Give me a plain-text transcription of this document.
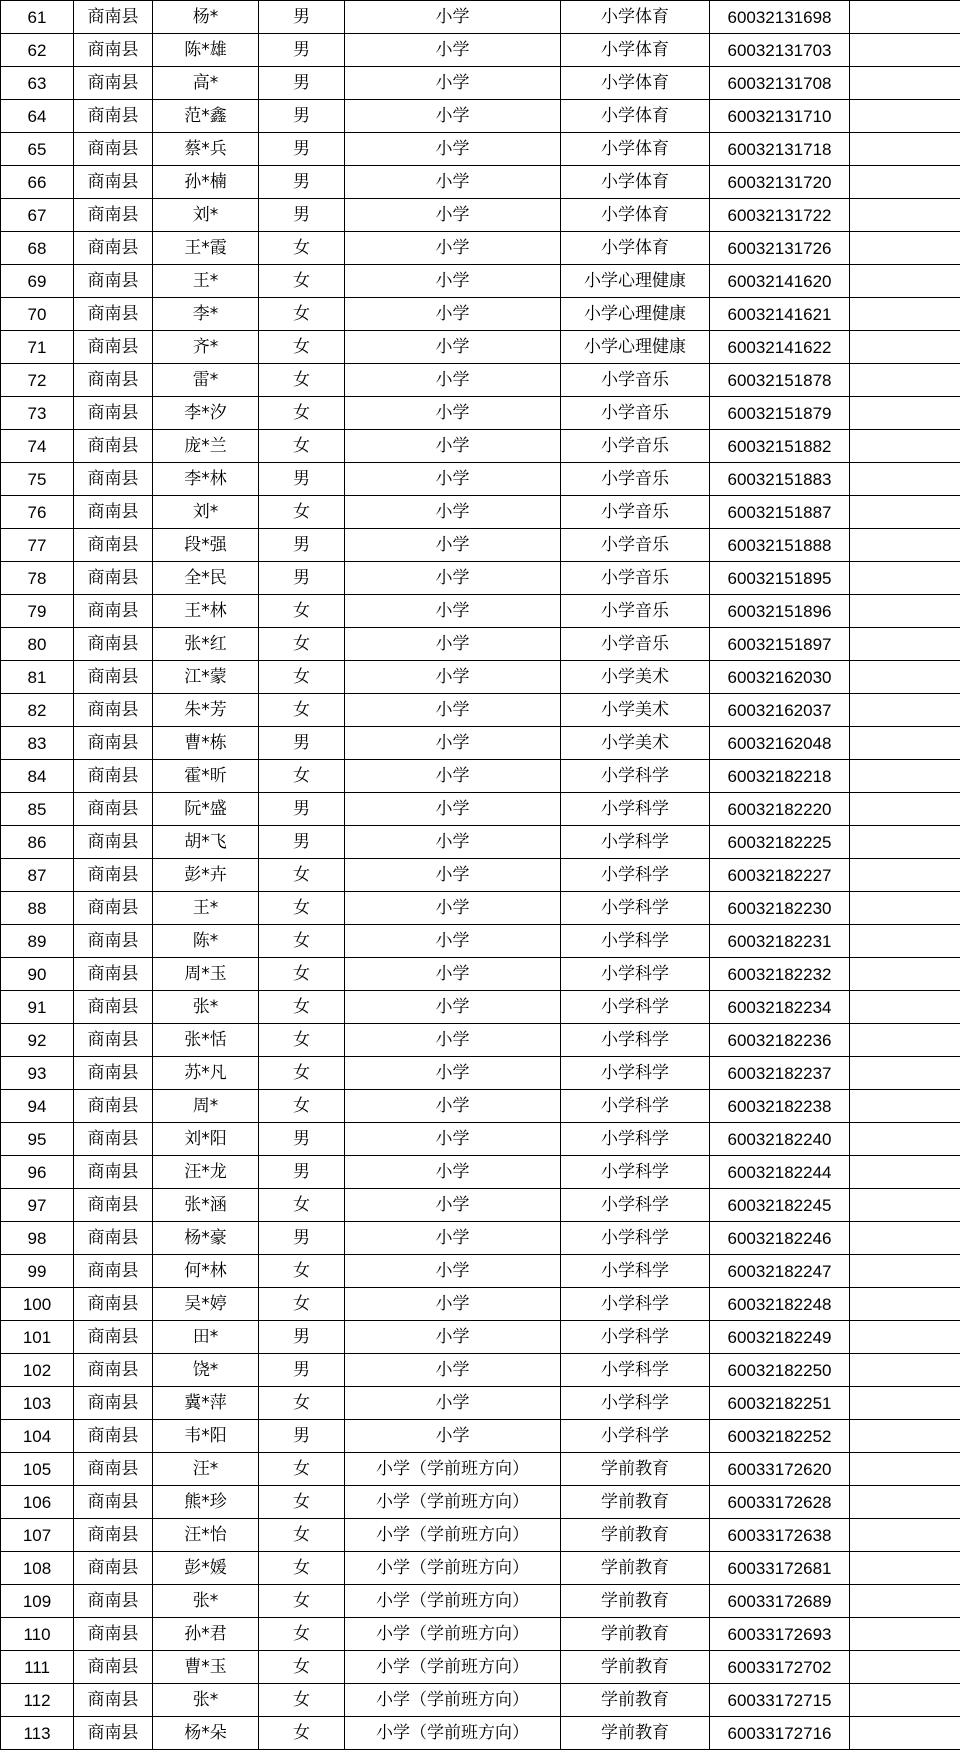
61	商南县	杨*	男	小学	小学体育	60032131698	
62	商南县	陈*雄	男	小学	小学体育	60032131703	
63	商南县	高*	男	小学	小学体育	60032131708	
64	商南县	范*鑫	男	小学	小学体育	60032131710	
65	商南县	蔡*兵	男	小学	小学体育	60032131718	
66	商南县	孙*楠	男	小学	小学体育	60032131720	
67	商南县	刘*	男	小学	小学体育	60032131722	
68	商南县	王*霞	女	小学	小学体育	60032131726	
69	商南县	王*	女	小学	小学心理健康	60032141620	
70	商南县	李*	女	小学	小学心理健康	60032141621	
71	商南县	齐*	女	小学	小学心理健康	60032141622	
72	商南县	雷*	女	小学	小学音乐	60032151878	
73	商南县	李*汐	女	小学	小学音乐	60032151879	
74	商南县	庞*兰	女	小学	小学音乐	60032151882	
75	商南县	李*林	男	小学	小学音乐	60032151883	
76	商南县	刘*	女	小学	小学音乐	60032151887	
77	商南县	段*强	男	小学	小学音乐	60032151888	
78	商南县	全*民	男	小学	小学音乐	60032151895	
79	商南县	王*林	女	小学	小学音乐	60032151896	
80	商南县	张*红	女	小学	小学音乐	60032151897	
81	商南县	江*蒙	女	小学	小学美术	60032162030	
82	商南县	朱*芳	女	小学	小学美术	60032162037	
83	商南县	曹*栋	男	小学	小学美术	60032162048	
84	商南县	霍*昕	女	小学	小学科学	60032182218	
85	商南县	阮*盛	男	小学	小学科学	60032182220	
86	商南县	胡*飞	男	小学	小学科学	60032182225	
87	商南县	彭*卉	女	小学	小学科学	60032182227	
88	商南县	王*	女	小学	小学科学	60032182230	
89	商南县	陈*	女	小学	小学科学	60032182231	
90	商南县	周*玉	女	小学	小学科学	60032182232	
91	商南县	张*	女	小学	小学科学	60032182234	
92	商南县	张*恬	女	小学	小学科学	60032182236	
93	商南县	苏*凡	女	小学	小学科学	60032182237	
94	商南县	周*	女	小学	小学科学	60032182238	
95	商南县	刘*阳	男	小学	小学科学	60032182240	
96	商南县	汪*龙	男	小学	小学科学	60032182244	
97	商南县	张*涵	女	小学	小学科学	60032182245	
98	商南县	杨*豪	男	小学	小学科学	60032182246	
99	商南县	何*林	女	小学	小学科学	60032182247	
100	商南县	吴*婷	女	小学	小学科学	60032182248	
101	商南县	田*	男	小学	小学科学	60032182249	
102	商南县	饶*	男	小学	小学科学	60032182250	
103	商南县	冀*萍	女	小学	小学科学	60032182251	
104	商南县	韦*阳	男	小学	小学科学	60032182252	
105	商南县	汪*	女	小学（学前班方向）	学前教育	60033172620	
106	商南县	熊*珍	女	小学（学前班方向）	学前教育	60033172628	
107	商南县	汪*怡	女	小学（学前班方向）	学前教育	60033172638	
108	商南县	彭*媛	女	小学（学前班方向）	学前教育	60033172681	
109	商南县	张*	女	小学（学前班方向）	学前教育	60033172689	
110	商南县	孙*君	女	小学（学前班方向）	学前教育	60033172693	
111	商南县	曹*玉	女	小学（学前班方向）	学前教育	60033172702	
112	商南县	张*	女	小学（学前班方向）	学前教育	60033172715	
113	商南县	杨*朵	女	小学（学前班方向）	学前教育	60033172716	
